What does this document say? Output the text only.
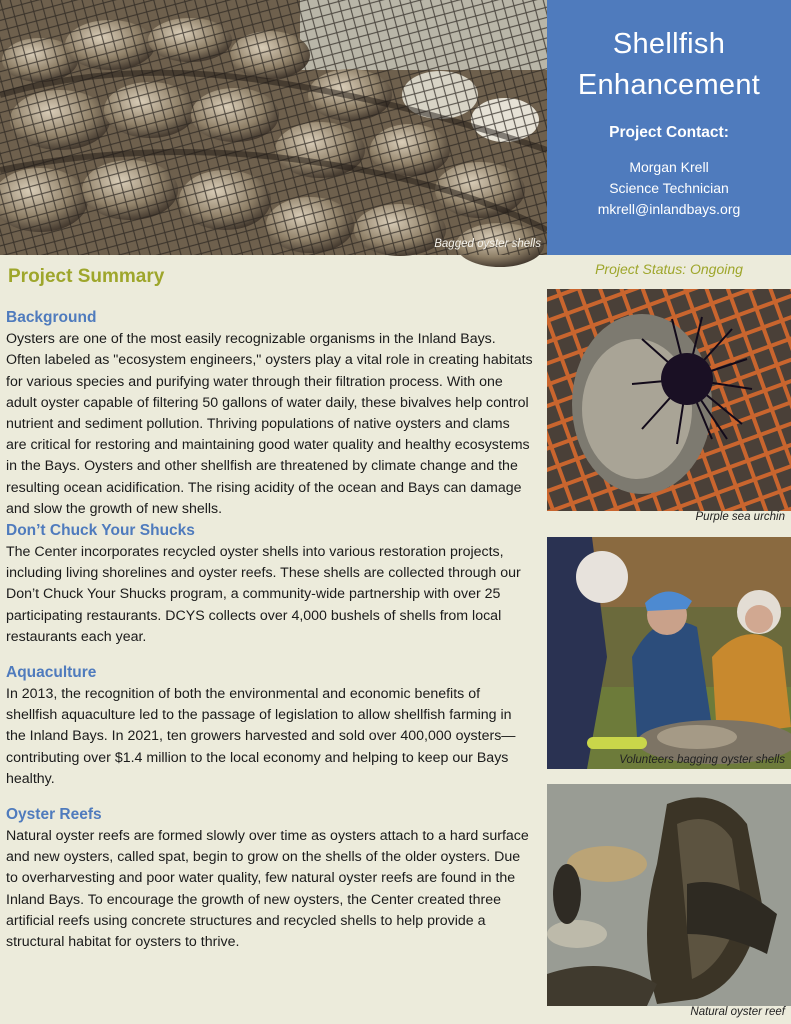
Bagged oyster shells
Shellfish
Enhancement
Project Contact:
Morgan Krell
Science Technician
mkrell@inlandbays.org
Project Status: Ongoing
Purple sea urchin
Volunteers bagging oyster shells
Natural oyster reef
Project Summary
Background

Oysters are one of the most easily recognizable organisms in the Inland Bays. Often labeled as "ecosystem engineers," oysters play a vital role in creating habitats for various species and purifying water through their filtration process. With one adult oyster capable of filtering 50 gallons of water daily, these bivalves help control nutrient and sediment pollution. Thriving populations of native oysters and clams are critical for restoring and maintaining good water quality and healthy ecosystems in the Bays. Oysters and other shellfish are threatened by climate change and the resulting ocean acidification. The rising acidity of the ocean and Bays can damage and slow the growth of new shells.

Don’t Chuck Your Shucks

The Center incorporates recycled oyster shells into various restoration projects, including living shorelines and oyster reefs. These shells are collected through our Don’t Chuck Your Shucks program, a community-wide partnership with over 25 participating restaurants. DCYS collects over 4,000 bushels of shells from local restaurants each year.

Aquaculture

In 2013, the recognition of both the environmental and economic benefits of shellfish aquaculture led to the passage of legislation to allow shellfish farming in the Inland Bays. In 2021, ten growers harvested and sold over 400,000 oysters—contributing over $1.4 million to the local economy and helping to keep our Bays healthy.

Oyster Reefs

Natural oyster reefs are formed slowly over time as oysters attach to a hard surface and new oysters, called spat, begin to grow on the shells of the older oysters. Due to overharvesting and poor water quality, few natural oyster reefs are found in the Inland Bays. To encourage the growth of new oysters, the Center created three artificial reefs using concrete structures and recycled shells to help provide a structural habitat for oysters to thrive.
